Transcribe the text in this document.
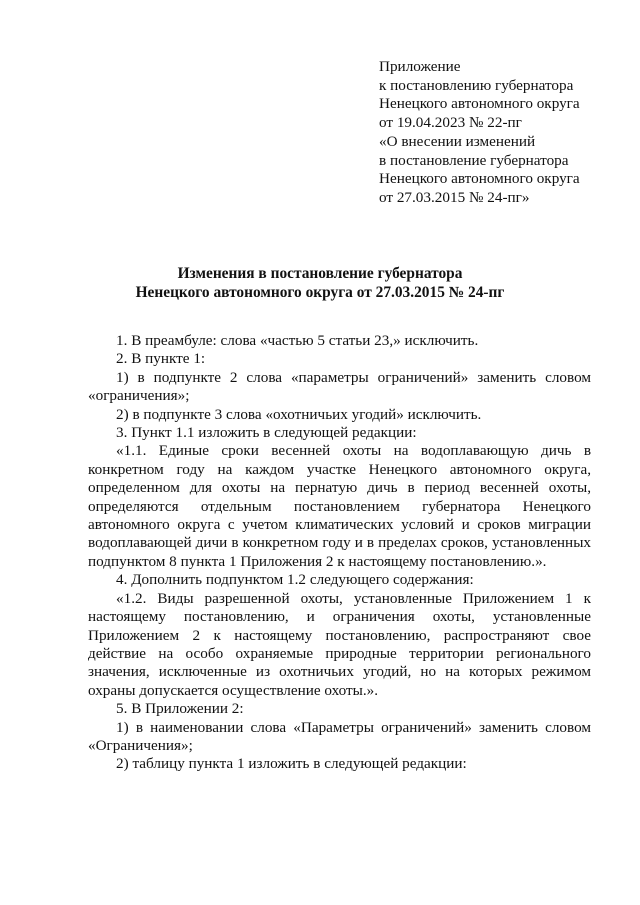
Приложение
к постановлению губернатора
Ненецкого автономного округа
от 19.04.2023 № 22-пг
«О внесении изменений
в постановление губернатора
Ненецкого автономного округа
от 27.03.2015 № 24-пг»
Изменения в постановление губернатора
Ненецкого автономного округа от 27.03.2015 № 24-пг

1. В преамбуле: слова «частью 5 статьи 23,» исключить.

2. В пункте 1:

1) в подпункте 2 слова «параметры ограничений» заменить словом «ограничения»;

2) в подпункте 3 слова «охотничьих угодий» исключить.

3. Пункт 1.1 изложить в следующей редакции:

«1.1. Единые сроки весенней охоты на водоплавающую дичь в конкретном году на каждом участке Ненецкого автономного округа, определенном для охоты на пернатую дичь в период весенней охоты, определяются отдельным постановлением губернатора Ненецкого автономного округа с учетом климатических условий и сроков миграции водоплавающей дичи в конкретном году и в пределах сроков, установленных подпунктом 8 пункта 1 Приложения 2 к настоящему постановлению.».

4. Дополнить подпунктом 1.2 следующего содержания:

«1.2. Виды разрешенной охоты, установленные Приложением 1 к настоящему постановлению, и ограничения охоты, установленные Приложением 2 к настоящему постановлению, распространяют свое действие на особо охраняемые природные территории регионального значения, исключенные из охотничьих угодий, но на которых режимом охраны допускается осуществление охоты.».

5. В Приложении 2:

1) в наименовании слова «Параметры ограничений» заменить словом «Ограничения»;

2) таблицу пункта 1 изложить в следующей редакции:
